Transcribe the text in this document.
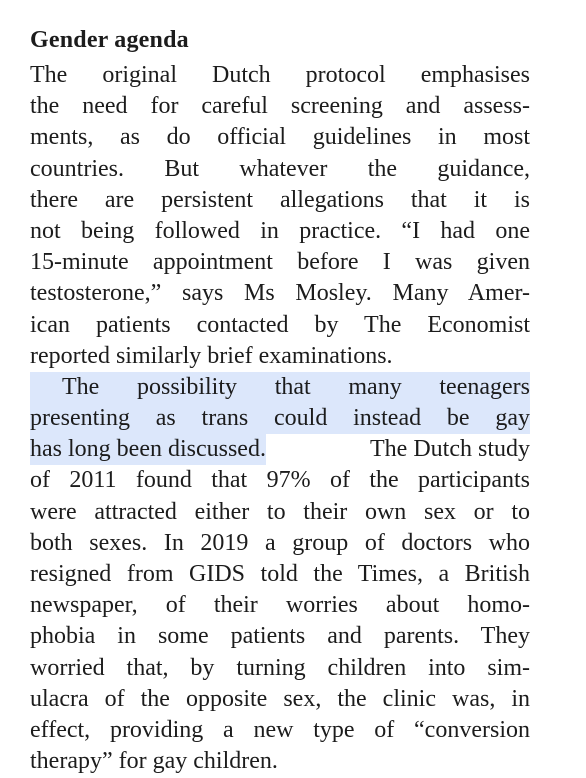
Gender agenda
The original Dutch protocol emphasises
the need for careful screening and assess-
ments, as do official guidelines in most
countries. But whatever the guidance,
there are persistent allegations that it is
not being followed in practice. “I had one
15-minute appointment before I was given
testosterone,” says Ms Mosley. Many Amer-
ican patients contacted by The Economist
reported similarly brief examinations.
The possibility that many teenagers
presenting as trans could instead be gay
has long been discussed.	The Dutch study
of 2011 found that 97% of the participants
were attracted either to their own sex or to
both sexes. In 2019 a group of doctors who
resigned from GIDS told the Times, a British
newspaper, of their worries about homo-
phobia in some patients and parents. They
worried that, by turning children into sim-
ulacra of the opposite sex, the clinic was, in
effect, providing a new type of “conversion
therapy” for gay children.
